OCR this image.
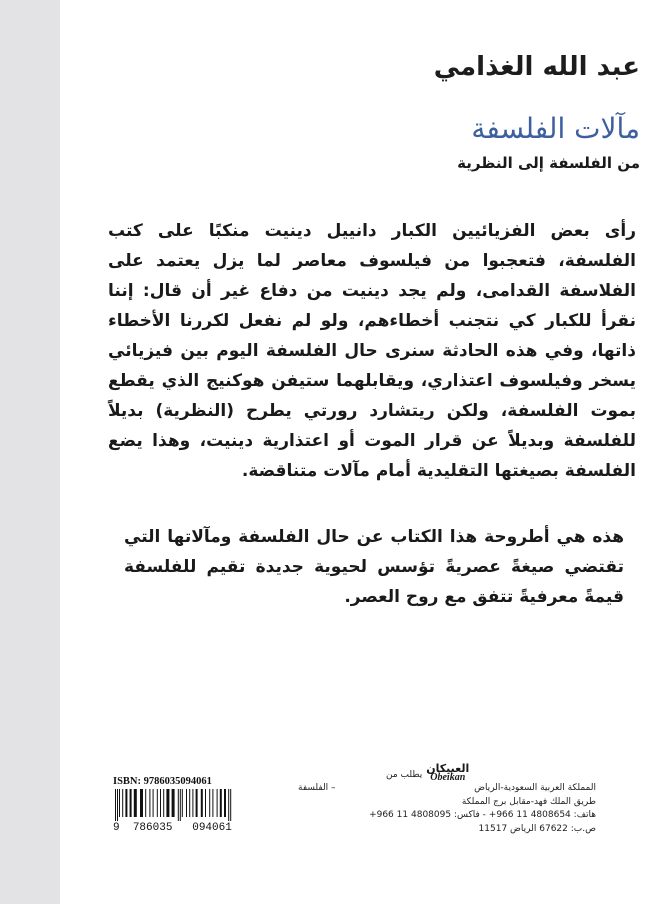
عبد الله الغذامي
مآلات الفلسفة
من الفلسفة إلى النظرية

رأى بعض الفزيائيين الكبار دانييل دينيت منكبًا على كتب الفلسفة، فتعجبوا من فيلسوف معاصر لما يزل يعتمد على الفلاسفة القدامى، ولم يجد دينيت من دفاع غير أن قال: إننا نقرأ للكبار كي نتجنب أخطاءهم، ولو لم نفعل لكررنا الأخطاء ذاتها، وفي هذه الحادثة سنرى حال الفلسفة اليوم بين فيزيائي يسخر وفيلسوف اعتذاري، ويقابلهما ستيفن هوكنيج الذي يقطع بموت الفلسفة، ولكن ريتشارد رورتي يطرح (النظرية) بديلاً للفلسفة وبديلاً عن قرار الموت أو اعتذارية دينيت، وهذا يضع الفلسفة بصيغتها التقليدية أمام مآلات متناقضة.

هذه هي أطروحة هذا الكتاب عن حال الفلسفة ومآلاتها التي تقتضي صيغةً عصريةً تؤسس لحيوية جديدة تقيم للفلسفة قيمةً معرفيةً تتفق مع روح العصر.

ISBN: 9786035094061
9 786035 094061
– الفلسفة
يطلب من العبيكان
Obeikan
المملكة العربية السعودية-الرياض
طريق الملك فهد-مقابل برج المملكة
هاتف: 4808654 11 966+ - فاكس: 4808095 11 966+
ص.ب: 67622 الرياض 11517
